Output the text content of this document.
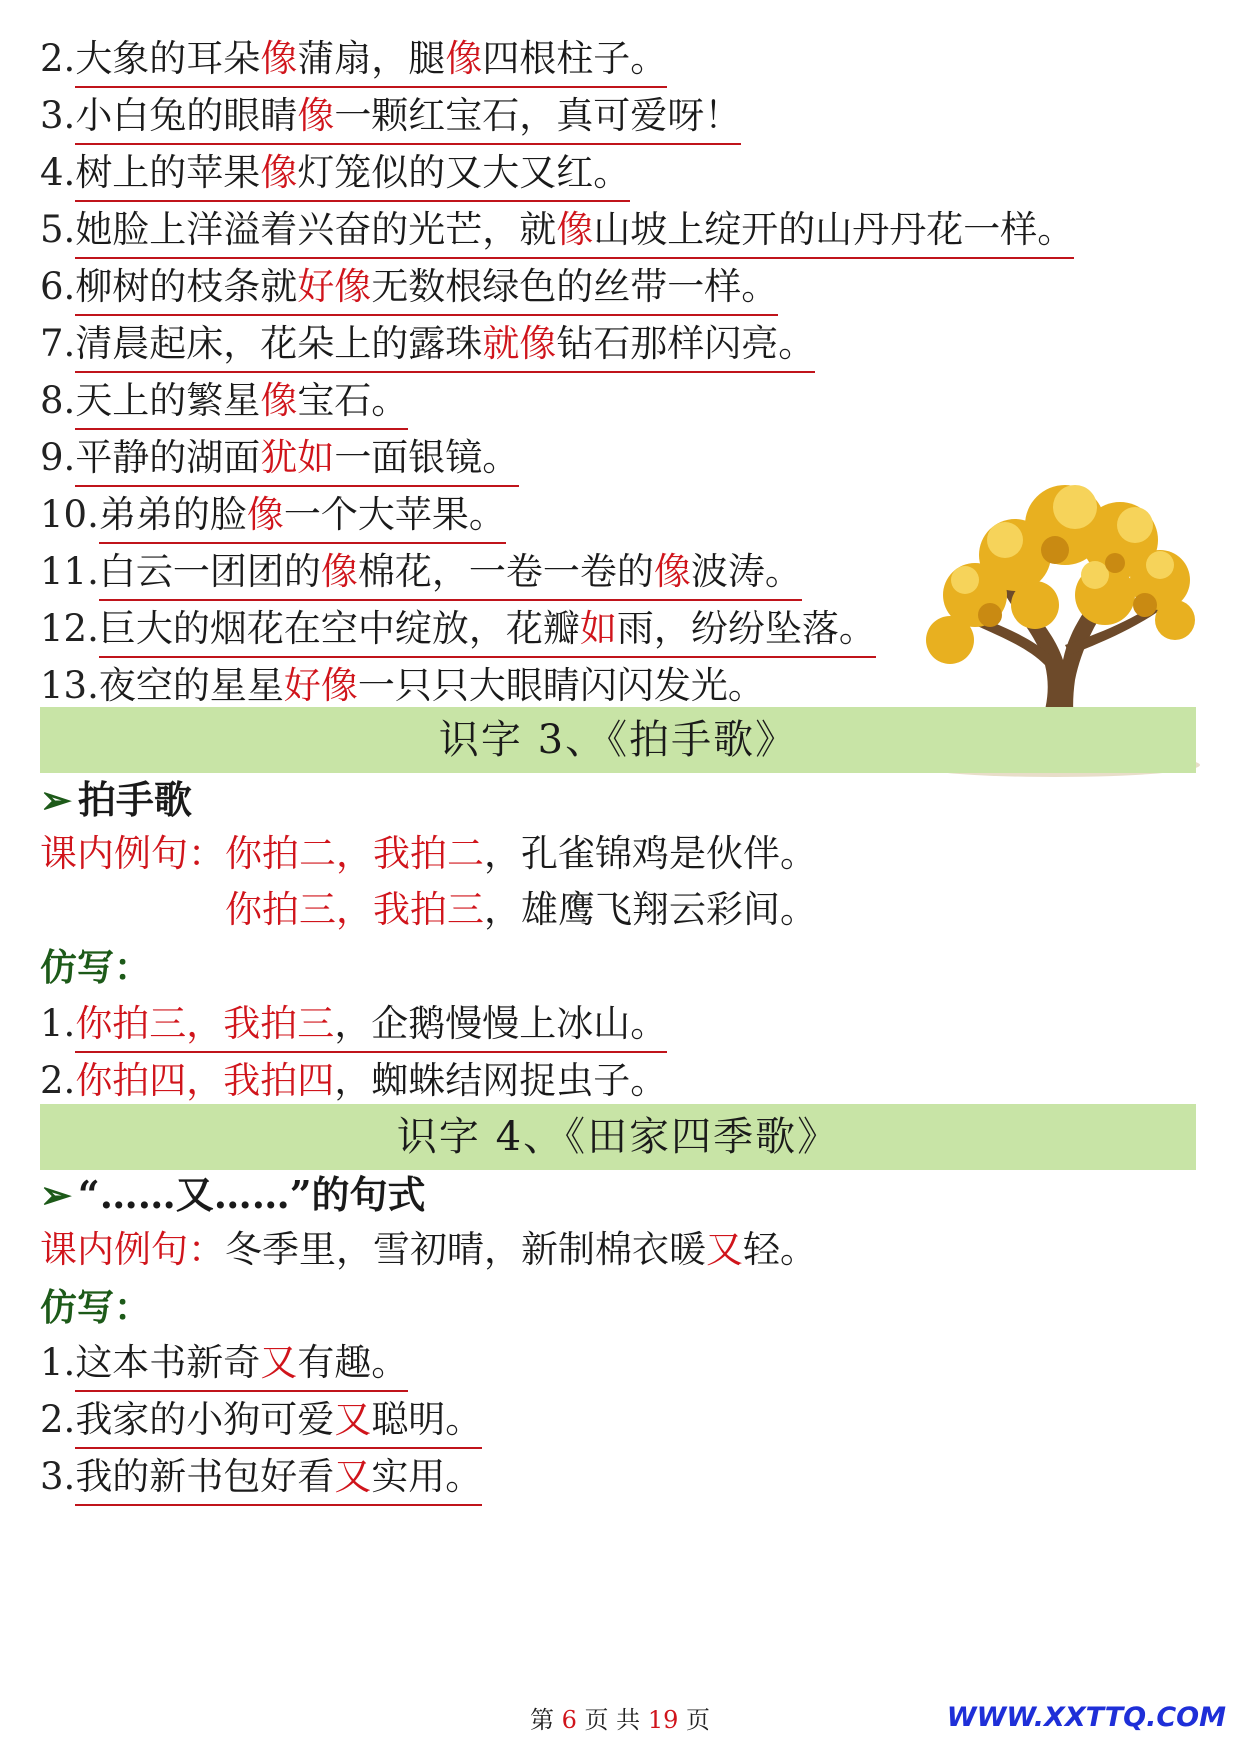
2.大象的耳朵像蒲扇，腿像四根柱子。
3.小白兔的眼睛像一颗红宝石，真可爱呀！
4.树上的苹果像灯笼似的又大又红。
5.她脸上洋溢着兴奋的光芒，就像山坡上绽开的山丹丹花一样。
6.柳树的枝条就好像无数根绿色的丝带一样。
7.清晨起床，花朵上的露珠就像钻石那样闪亮。
8.天上的繁星像宝石。
9.平静的湖面犹如一面银镜。
10.弟弟的脸像一个大苹果。
11.白云一团团的像棉花，一卷一卷的像波涛。
12.巨大的烟花在空中绽放，花瓣如雨，纷纷坠落。
13.夜空的星星好像一只只大眼睛闪闪发光。
识字 3、《拍手歌》
➢ 拍手歌
课内例句：你拍二，我拍二，孔雀锦鸡是伙伴。
你拍三，我拍三，雄鹰飞翔云彩间。
仿写：
1.你拍三，我拍三，企鹅慢慢上冰山。
2.你拍四，我拍四，蜘蛛结网捉虫子。
识字 4、《田家四季歌》
➢ “……又……”的句式
课内例句：冬季里，雪初晴，新制棉衣暖又轻。
仿写：
1.这本书新奇又有趣。
2.我家的小狗可爱又聪明。
3.我的新书包好看又实用。
第 6 页 共 19 页	WWW.XXTTQ.COM
